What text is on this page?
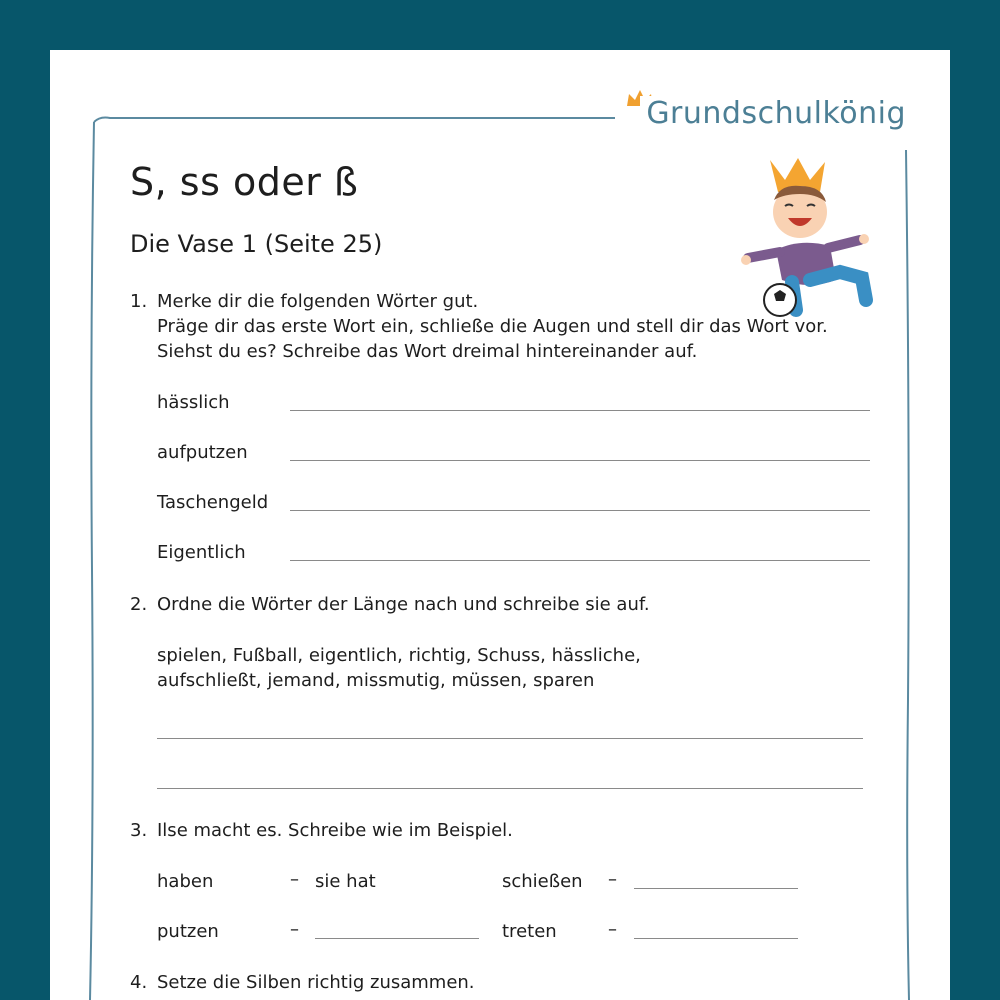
Grundschulkönig
S, ss oder ß
Die Vase 1 (Seite 25)
1. Merke dir die folgenden Wörter gut.
Präge dir das erste Wort ein, schließe die Augen und stell dir das Wort vor.
Siehst du es? Schreibe das Wort dreimal hintereinander auf.
hässlich
aufputzen
Taschengeld
Eigentlich
2. Ordne die Wörter der Länge nach und schreibe sie auf.
spielen, Fußball, eigentlich, richtig, Schuss, hässliche,
aufschließt, jemand, missmutig, müssen, sparen
3. Ilse macht es. Schreibe wie im Beispiel.
haben	– sie hat	schießen –
putzen	–	treten	–
4. Setze die Silben richtig zusammen.
